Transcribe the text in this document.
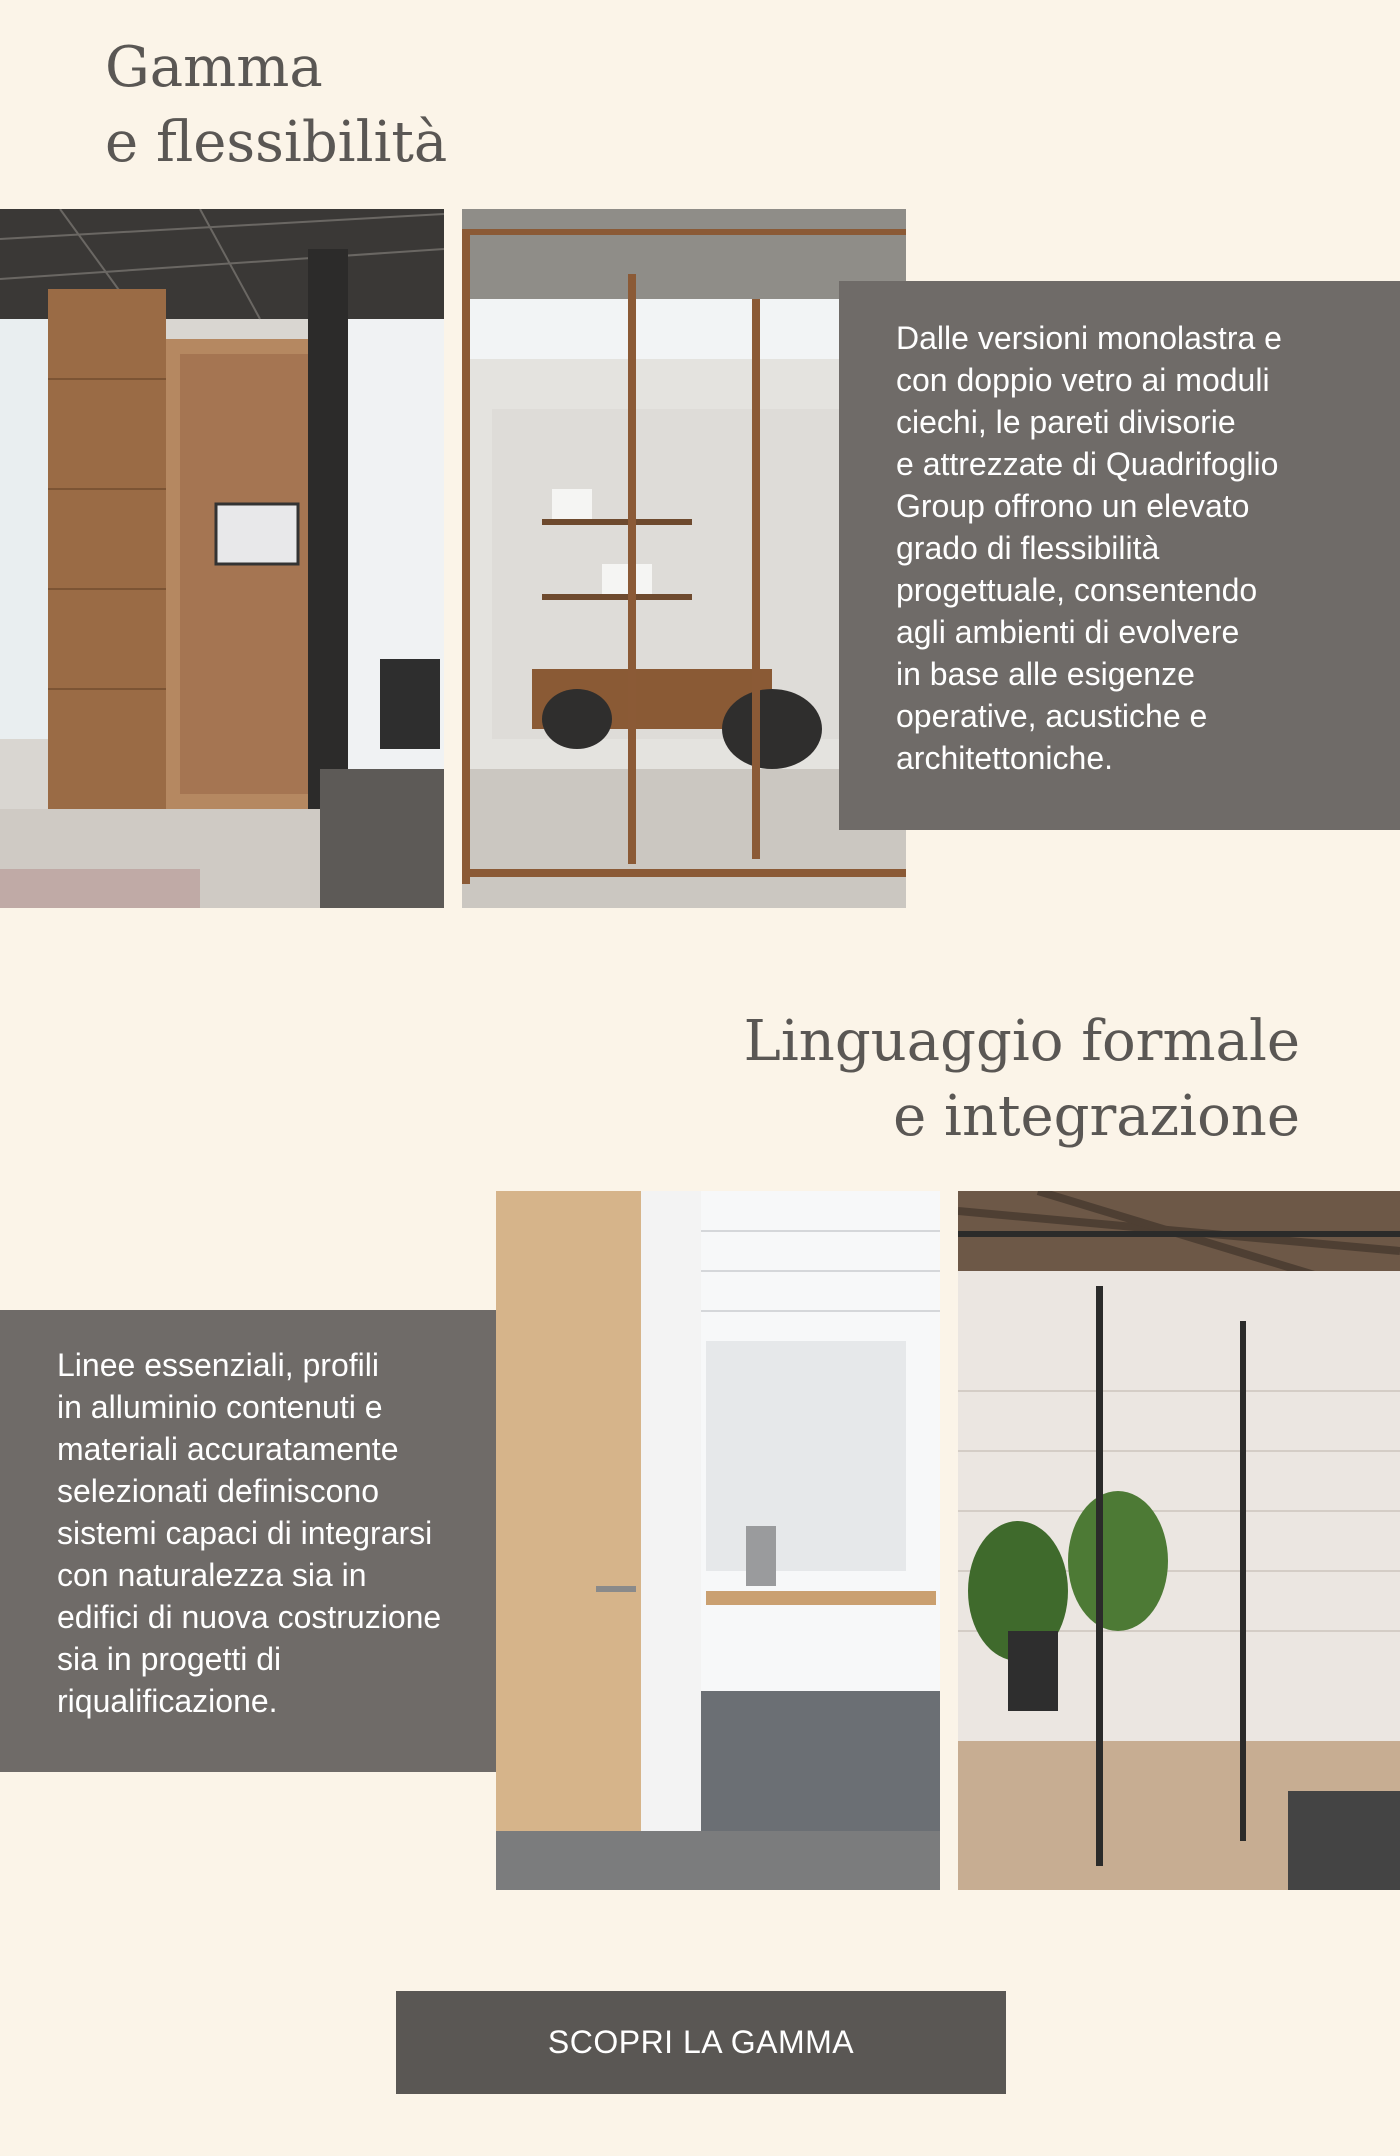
Gamma
e flessibilità
Dalle versioni monolastra e
con doppio vetro ai moduli
ciechi, le pareti divisorie
e attrezzate di Quadrifoglio
Group offrono un elevato
grado di flessibilità
progettuale, consentendo
agli ambienti di evolvere
in base alle esigenze
operative, acustiche e
architettoniche.
Linguaggio formale
e integrazione
Linee essenziali, profili
in alluminio contenuti e
materiali accuratamente
selezionati definiscono
sistemi capaci di integrarsi
con naturalezza sia in
edifici di nuova costruzione
sia in progetti di
riqualificazione.
SCOPRI LA GAMMA
